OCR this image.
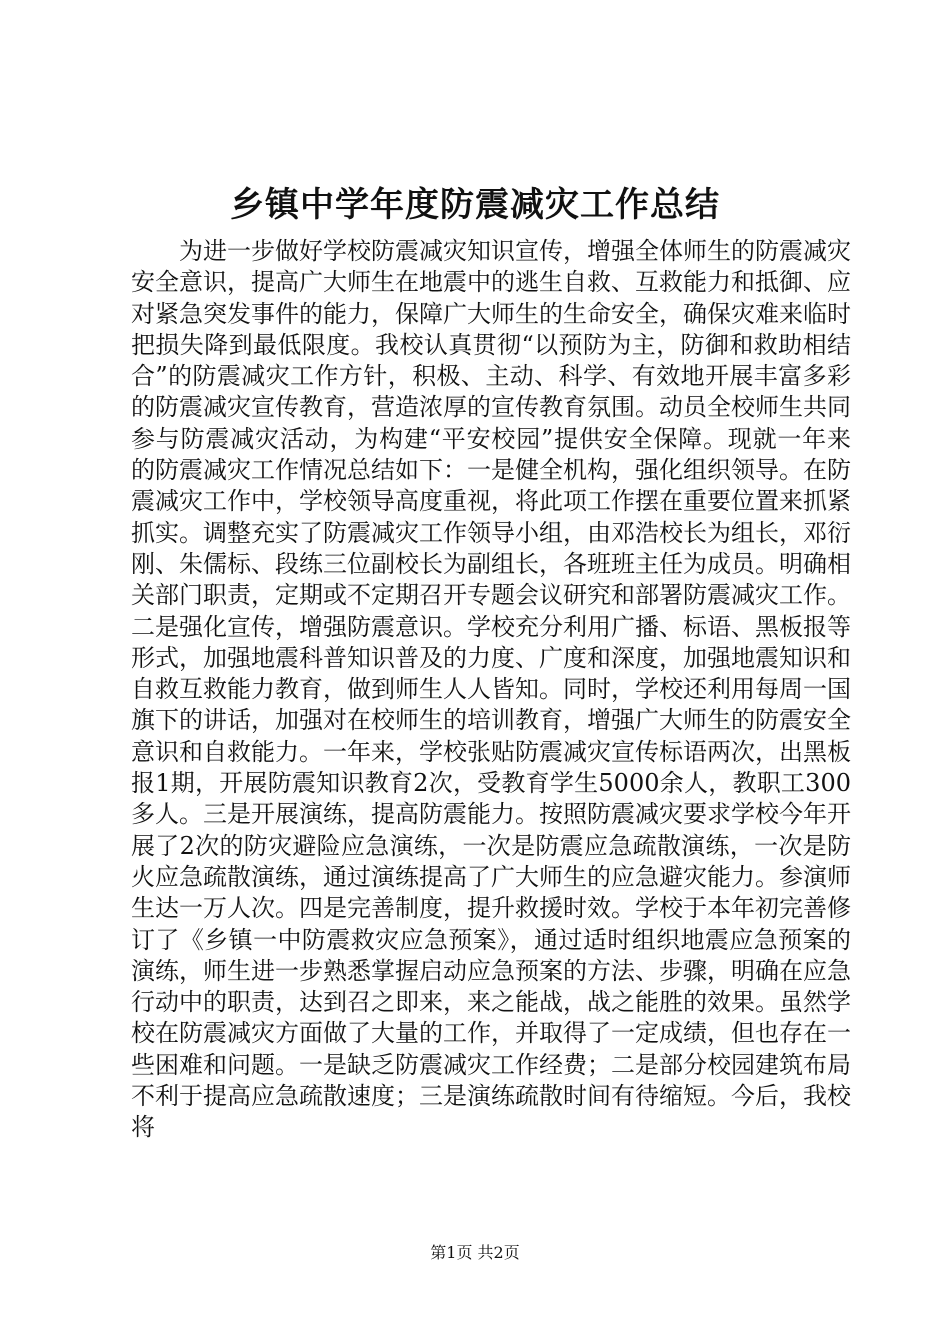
乡镇中学年度防震减灾工作总结

为进一步做好学校防震减灾知识宣传，增强全体师生的防震减灾安全意识，提高广大师生在地震中的逃生自救、互救能力和抵御、应对紧急突发事件的能力，保障广大师生的生命安全，确保灾难来临时把损失降到最低限度。我校认真贯彻“以预防为主，防御和救助相结合”的防震减灾工作方针，积极、主动、科学、有效地开展丰富多彩的防震减灾宣传教育，营造浓厚的宣传教育氛围。动员全校师生共同参与防震减灾活动，为构建“平安校园”提供安全保障。现就一年来的防震减灾工作情况总结如下：一是健全机构，强化组织领导。在防震减灾工作中，学校领导高度重视，将此项工作摆在重要位置来抓紧抓实。调整充实了防震减灾工作领导小组，由邓浩校长为组长，邓衍刚、朱儒标、段练三位副校长为副组长，各班班主任为成员。明确相关部门职责，定期或不定期召开专题会议研究和部署防震减灾工作。二是强化宣传，增强防震意识。学校充分利用广播、标语、黑板报等形式，加强地震科普知识普及的力度、广度和深度，加强地震知识和自救互救能力教育，做到师生人人皆知。同时，学校还利用每周一国旗下的讲话，加强对在校师生的培训教育，增强广大师生的防震安全意识和自救能力。一年来，学校张贴防震减灾宣传标语两次，出黑板报1期，开展防震知识教育2次，受教育学生5000余人，教职工300多人。三是开展演练，提高防震能力。按照防震减灾要求学校今年开展了2次的防灾避险应急演练，一次是防震应急疏散演练，一次是防火应急疏散演练，通过演练提高了广大师生的应急避灾能力。参演师生达一万人次。四是完善制度，提升救援时效。学校于本年初完善修订了《乡镇一中防震救灾应急预案》，通过适时组织地震应急预案的演练，师生进一步熟悉掌握启动应急预案的方法、步骤，明确在应急行动中的职责，达到召之即来，来之能战，战之能胜的效果。虽然学校在防震减灾方面做了大量的工作，并取得了一定成绩，但也存在一些困难和问题。一是缺乏防震减灾工作经费；二是部分校园建筑布局不利于提高应急疏散速度；三是演练疏散时间有待缩短。今后，我校将

第1页 共2页
